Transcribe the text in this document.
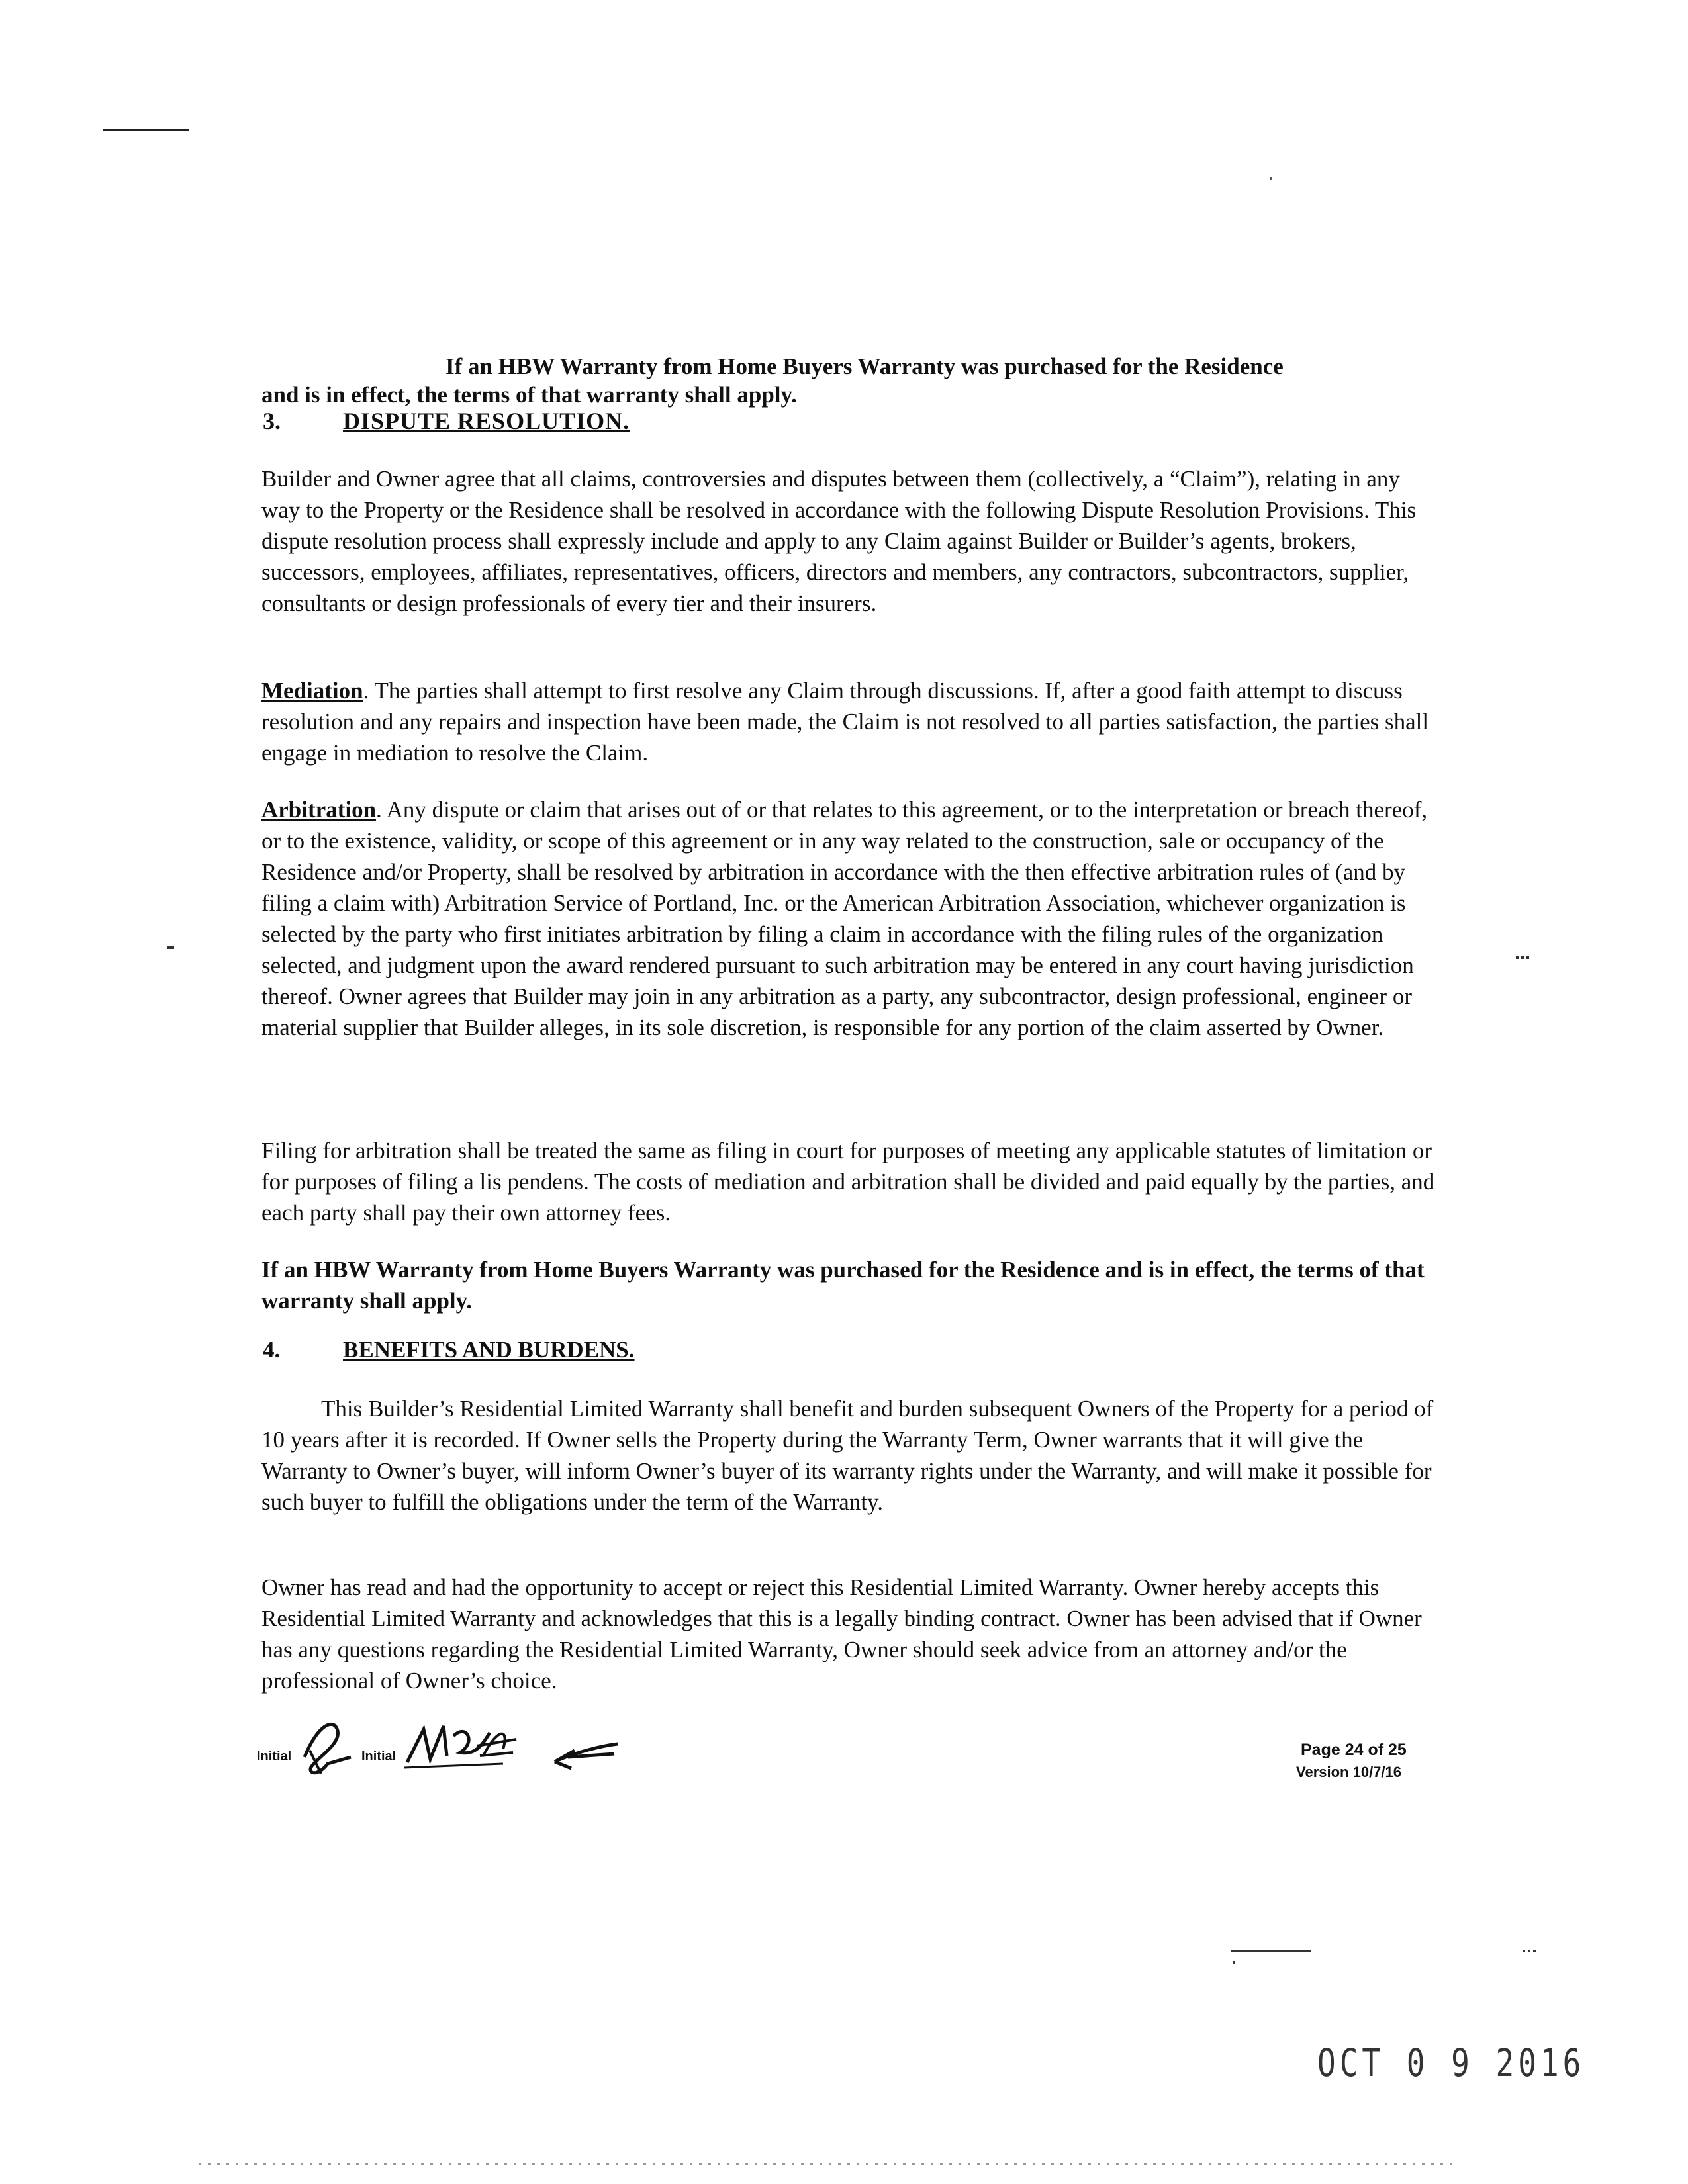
If an HBW Warranty from Home Buyers Warranty was purchased for the Residence
and is in effect, the terms of that warranty shall apply.
3.	DISPUTE RESOLUTION.
Builder and Owner agree that all claims, controversies and disputes between them (collectively, a “Claim”), relating in any way to the Property or the Residence shall be resolved in accordance with the following Dispute Resolution Provisions. This dispute resolution process shall expressly include and apply to any Claim against Builder or Builder’s agents, brokers, successors, employees, affiliates, representatives, officers, directors and members, any contractors, subcontractors, supplier, consultants or design professionals of every tier and their insurers.
Mediation. The parties shall attempt to first resolve any Claim through discussions. If, after a good faith attempt to discuss resolution and any repairs and inspection have been made, the Claim is not resolved to all parties satisfaction, the parties shall engage in mediation to resolve the Claim.
Arbitration. Any dispute or claim that arises out of or that relates to this agreement, or to the interpretation or breach thereof, or to the existence, validity, or scope of this agreement or in any way related to the construction, sale or occupancy of the Residence and/or Property, shall be resolved by arbitration in accordance with the then effective arbitration rules of (and by filing a claim with) Arbitration Service of Portland, Inc. or the American Arbitration Association, whichever organization is selected by the party who first initiates arbitration by filing a claim in accordance with the filing rules of the organization selected, and judgment upon the award rendered pursuant to such arbitration may be entered in any court having jurisdiction thereof. Owner agrees that Builder may join in any arbitration as a party, any subcontractor, design professional, engineer or material supplier that Builder alleges, in its sole discretion, is responsible for any portion of the claim asserted by Owner.
Filing for arbitration shall be treated the same as filing in court for purposes of meeting any applicable statutes of limitation or for purposes of filing a lis pendens. The costs of mediation and arbitration shall be divided and paid equally by the parties, and each party shall pay their own attorney fees.
If an HBW Warranty from Home Buyers Warranty was purchased for the Residence and is in effect, the terms of that warranty shall apply.
4.	BENEFITS AND BURDENS.
This Builder’s Residential Limited Warranty shall benefit and burden subsequent Owners of the Property for a period of 10 years after it is recorded. If Owner sells the Property during the Warranty Term, Owner warrants that it will give the Warranty to Owner’s buyer, will inform Owner’s buyer of its warranty rights under the Warranty, and will make it possible for such buyer to fulfill the obligations under the term of the Warranty.
Owner has read and had the opportunity to accept or reject this Residential Limited Warranty. Owner hereby accepts this Residential Limited Warranty and acknowledges that this is a legally binding contract. Owner has been advised that if Owner has any questions regarding the Residential Limited Warranty, Owner should seek advice from an attorney and/or the professional of Owner’s choice.
Initial	Initial	Page 24 of 25
Version 10/7/16
OCT 0 9 2016
